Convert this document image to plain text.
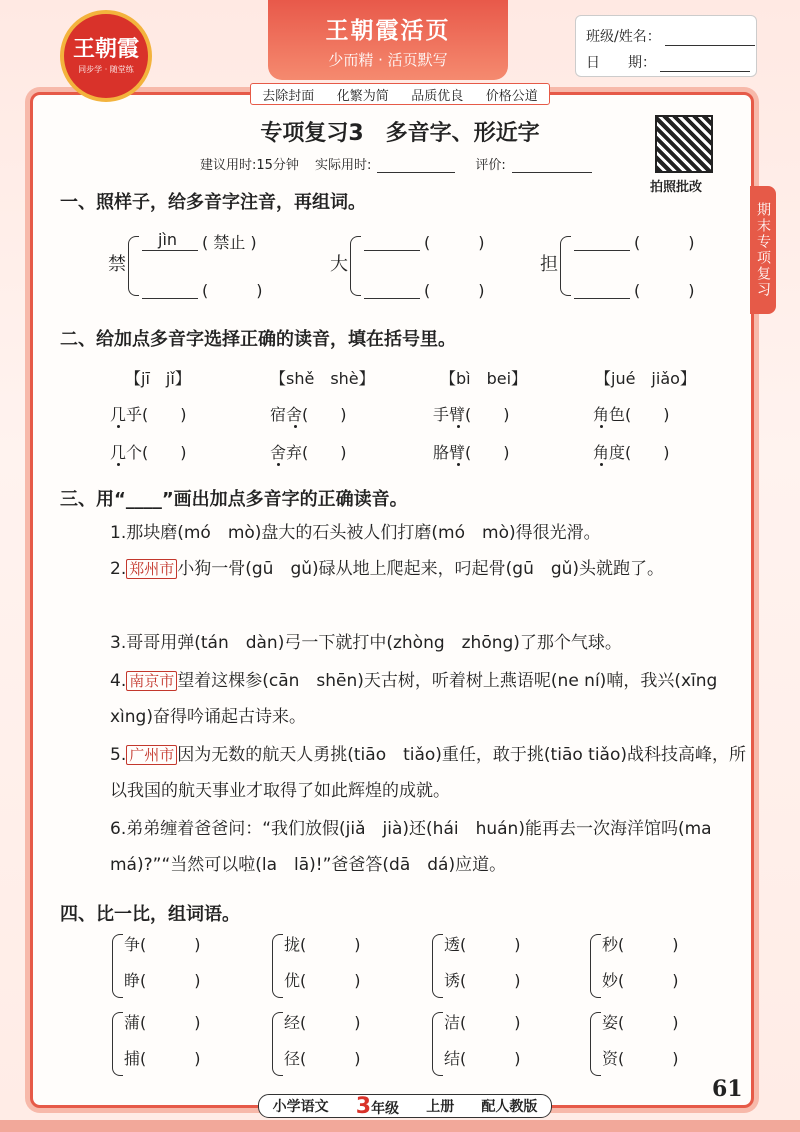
王朝霞
同步学 · 随堂练
王朝霞活页
少而精 · 活页默写
班级/姓名：
日　　期：
去除封面 化繁为简 品质优良 价格公道
专项复习3　多音字、形近字
建议用时:15分钟 实际用时:	评价:
拍照批改
期末专项复习
一、照样子，给多音字注音，再组词。
禁
jìn ( 禁止 )
(　　　)
大
(　　　)
(　　　)
担
(　　　)
(　　　)
二、给加点多音字选择正确的读音，填在括号里。
【jī　jǐ】
几乎(　　)
几个(　　)
【shě　shè】
宿舍(　　)
舍弃(　　)
【bì　bei】
手臂(　　)
胳臂(　　)
【jué　jiǎo】
角色(　　)
角度(　　)
三、用“____”画出加点多音字的正确读音。
1.那块磨(mó　mò)盘大的石头被人们打磨(mó　mò)得很光滑。
2. 郑州市 小狗一骨(gū　gǔ)碌从地上爬起来，叼起骨(gū　gǔ)头就跑了。
3.哥哥用弹(tán　dàn)弓一下就打中(zhòng　zhōng)了那个气球。
4. 南京市 望着这棵参(cān　shēn)天古树，听着树上燕语呢(ne ní)喃，我兴(xīng　xìng)奋得吟诵起古诗来。
5. 广州市 因为无数的航天人勇挑(tiāo　tiǎo)重任，敢于挑(tiāo tiǎo)战科技高峰，所以我国的航天事业才取得了如此辉煌的成就。
6.弟弟缠着爸爸问：“我们放假(jiǎ　jià)还(hái　huán)能再去一次海洋馆吗(ma　má)?”“当然可以啦(la　lā)!”爸爸答(dā　dá)应道。
四、比一比，组词语。
争(　　　)
睁(　　　)
拢(　　　)
优(　　　)
透(　　　)
诱(　　　)
秒(　　　)
妙(　　　)
蒲(　　　)
捕(　　　)
经(　　　)
径(　　　)
洁(　　　)
结(　　　)
姿(　　　)
资(　　　)
61
小学语文 3年级 上册 配人教版
